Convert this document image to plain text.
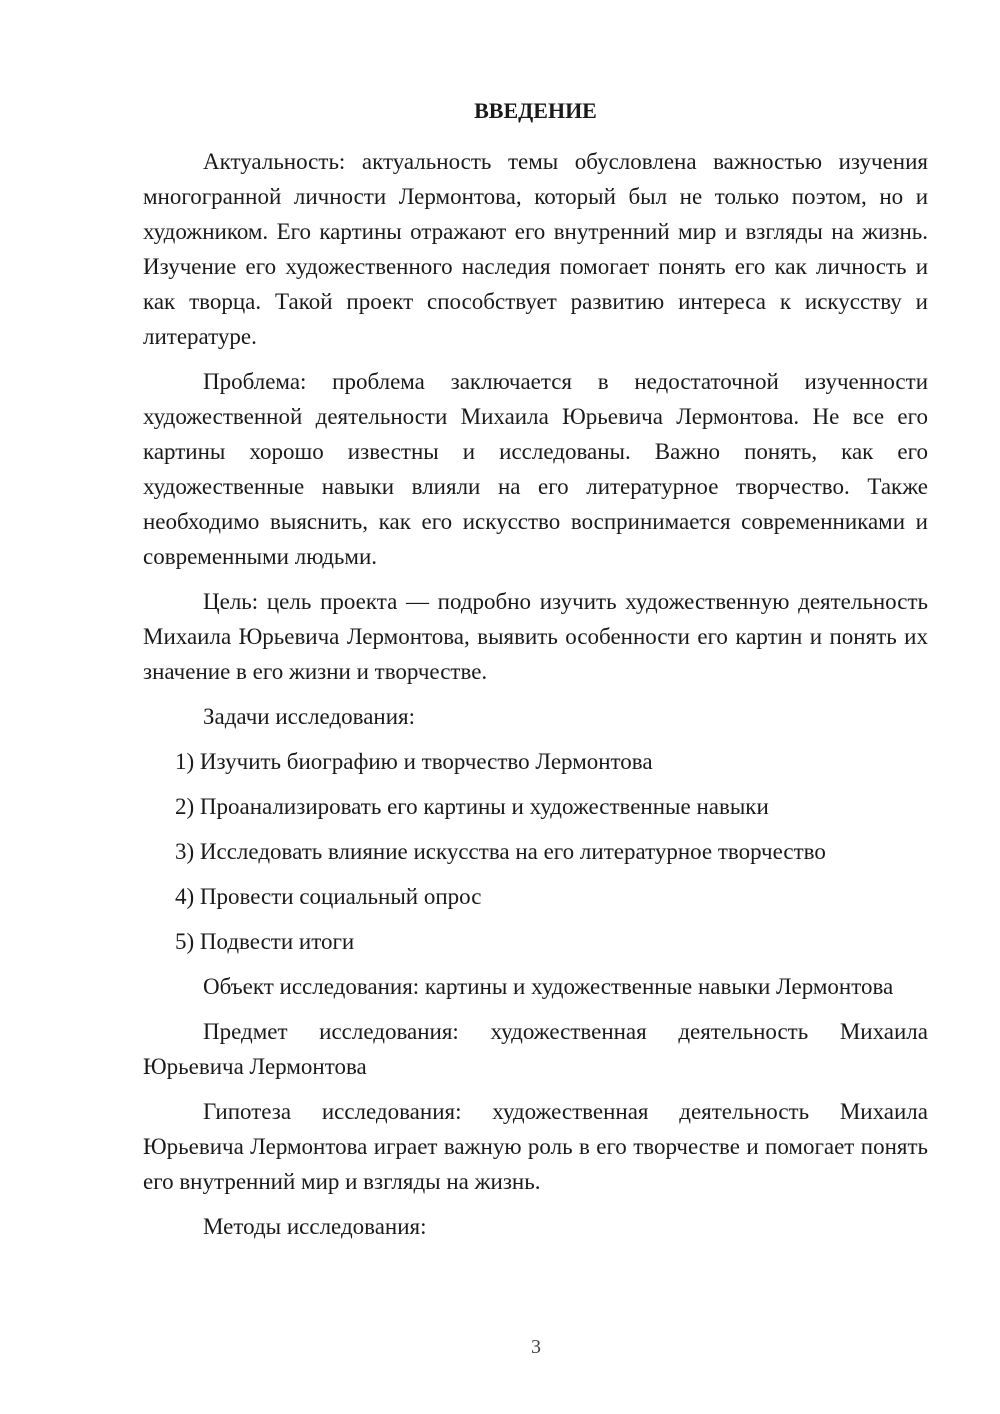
ВВЕДЕНИЕ

Актуальность: актуальность темы обусловлена важностью изучения многогранной личности Лермонтова, который был не только поэтом, но и художником. Его картины отражают его внутренний мир и взгляды на жизнь. Изучение его художественного наследия помогает понять его как личность и как творца. Такой проект способствует развитию интереса к искусству и литературе.

Проблема: проблема заключается в недостаточной изученности художественной деятельности Михаила Юрьевича Лермонтова. Не все его картины хорошо известны и исследованы. Важно понять, как его художественные навыки влияли на его литературное творчество. Также необходимо выяснить, как его искусство воспринимается современниками и современными людьми.

Цель: цель проекта — подробно изучить художественную деятельность Михаила Юрьевича Лермонтова, выявить особенности его картин и понять их значение в его жизни и творчестве.

Задачи исследования:

1) Изучить биографию и творчество Лермонтова
2) Проанализировать его картины и художественные навыки
3) Исследовать влияние искусства на его литературное творчество
4) Провести социальный опрос
5) Подвести итоги

Объект исследования: картины и художественные навыки Лермонтова

Предмет исследования: художественная деятельность Михаила Юрьевича Лермонтова

Гипотеза исследования: художественная деятельность Михаила Юрьевича Лермонтова играет важную роль в его творчестве и помогает понять его внутренний мир и взгляды на жизнь.

Методы исследования:

3
